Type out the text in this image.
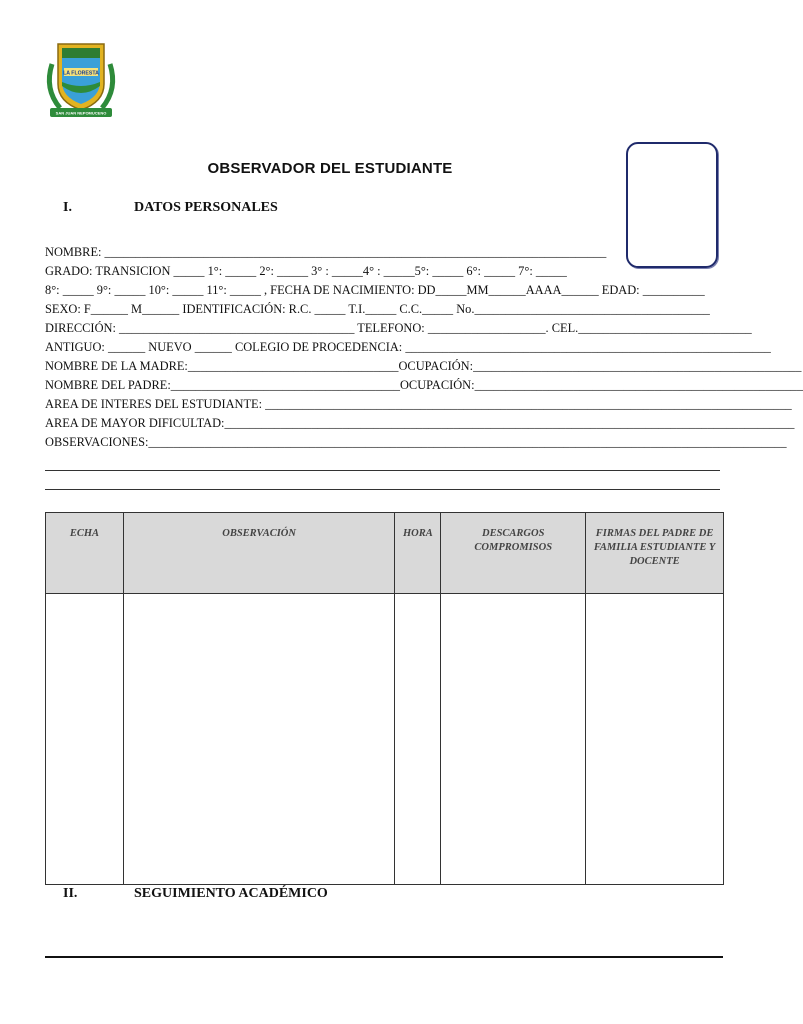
LA FLORESTA
SAN JUAN NEPOMUCENO
OBSERVADOR DEL ESTUDIANTE
I.	DATOS PERSONALES
NOMBRE: _________________________________________________________________________________
GRADO: TRANSICION _____ 1°: _____ 2°: _____ 3° : _____4° : _____5°: _____ 6°: _____ 7°: _____
8°: _____ 9°: _____ 10°: _____ 11°: _____ , FECHA DE NACIMIENTO: DD_____MM______AAAA______ EDAD: __________
SEXO: F______ M______ IDENTIFICACIÓN: R.C. _____ T.I._____ C.C._____ No.______________________________________
DIRECCIÓN: ______________________________________ TELEFONO: ___________________. CEL.____________________________
ANTIGUO: ______ NUEVO ______ COLEGIO DE PROCEDENCIA: ___________________________________________________________
NOMBRE DE LA MADRE:__________________________________OCUPACIÓN:_____________________________________________________
NOMBRE DEL PADRE:_____________________________________OCUPACIÓN:_____________________________________________________
AREA DE INTERES DEL ESTUDIANTE: _____________________________________________________________________________________
AREA DE MAYOR DIFICULTAD:____________________________________________________________________________________________
OBSERVACIONES:_______________________________________________________________________________________________________
ECHA	OBSERVACIÓN	HORA	DESCARGOS COMPROMISOS	FIRMAS DEL PADRE DE FAMILIA ESTUDIANTE Y DOCENTE

II.	SEGUIMIENTO ACADÉMICO
